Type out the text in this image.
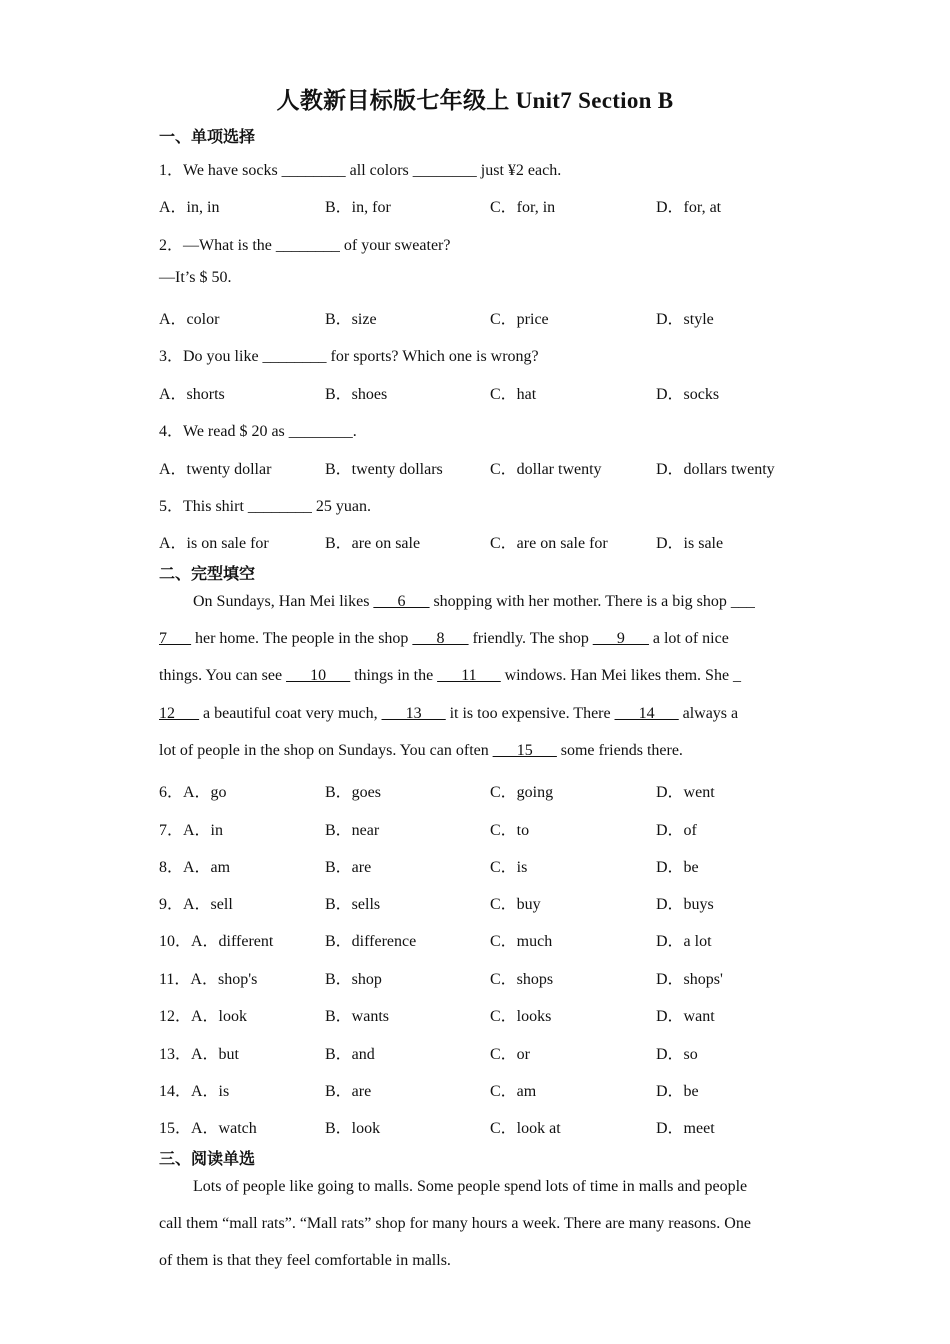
人教新目标版七年级上 Unit7 Section B
一、单项选择
1．We have socks ________ all colors ________ just ¥2 each.
A．in, in	B．in, for	C．for, in	D．for, at
2．—What is the ________ of your sweater?
—It’s $ 50.
A．color	B．size	C．price	D．style
3．Do you like ________ for sports? Which one is wrong?
A．shorts	B．shoes	C．hat	D．socks
4．We read $ 20 as ________.
A．twenty dollar	B．twenty dollars	C．dollar twenty	D．dollars twenty
5．This shirt ________ 25 yuan.
A．is on sale for	B．are on sale	C．are on sale for	D．is sale
二、完型填空
On Sundays, Han Mei likes ___6___ shopping with her mother. There is a big shop ___
7___ her home. The people in the shop ___8___ friendly. The shop ___9___ a lot of nice
things. You can see ___10___ things in the ___11___ windows. Han Mei likes them. She _
12___ a beautiful coat very much, ___13___ it is too expensive. There ___14___ always a
lot of people in the shop on Sundays. You can often ___15___ some friends there.
6．A．go	B．goes	C．going	D．went
7．A．in	B．near	C．to	D．of
8．A．am	B．are	C．is	D．be
9．A．sell	B．sells	C．buy	D．buys
10．A．different	B．difference	C．much	D．a lot
11．A．shop's	B．shop	C．shops	D．shops'
12．A．look	B．wants	C．looks	D．want
13．A．but	B．and	C．or	D．so
14．A．is	B．are	C．am	D．be
15．A．watch	B．look	C．look at	D．meet
三、阅读单选
Lots of people like going to malls. Some people spend lots of time in malls and people
call them “mall rats”. “Mall rats” shop for many hours a week. There are many reasons. One
of them is that they feel comfortable in malls.
